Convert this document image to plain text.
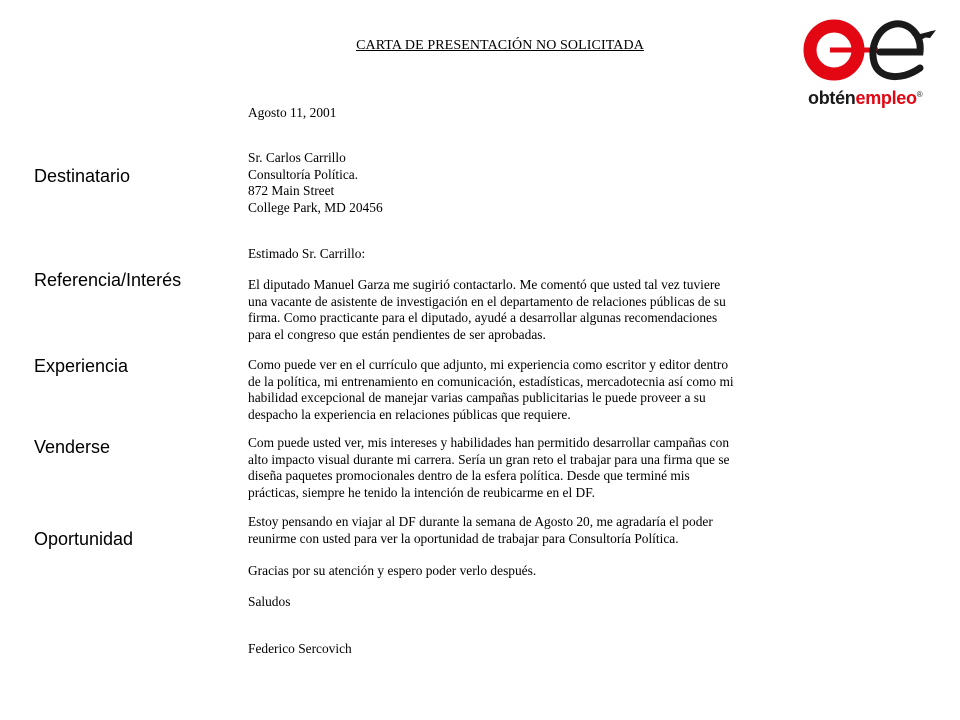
CARTA DE PRESENTACIÓN NO SOLICITADA
Destinatario
Referencia/Interés
Experiencia
Venderse
Oportunidad
Agosto 11, 2001
Sr. Carlos Carrillo
Consultoría Política.
872 Main Street
College Park, MD 20456
Estimado Sr. Carrillo:
El diputado Manuel Garza me sugirió contactarlo. Me comentó que usted tal vez tuviere
una vacante de asistente de investigación en el departamento de relaciones públicas de su
firma. Como practicante para el diputado, ayudé a desarrollar algunas recomendaciones
para el congreso que están pendientes de ser aprobadas.
Como puede ver en el currículo que adjunto, mi experiencia como escritor y editor dentro
de la política, mi entrenamiento en comunicación, estadísticas, mercadotecnia así como mi
habilidad excepcional de manejar varias campañas publicitarias le puede proveer a su
despacho la experiencia en relaciones públicas que requiere.
Com puede usted ver, mis intereses y habilidades han permitido desarrollar campañas con
alto impacto visual durante mi carrera. Sería un gran reto el trabajar para una firma que se
diseña paquetes promocionales dentro de la esfera política. Desde que terminé mis
prácticas, siempre he tenido la intención de reubicarme en el DF.
Estoy pensando en viajar al DF durante la semana de Agosto 20, me agradaría el poder
reunirme con usted para ver la oportunidad de trabajar para Consultoría Política.
Gracias por su atención y espero poder verlo después.
Saludos
Federico Sercovich
obténempleo®
